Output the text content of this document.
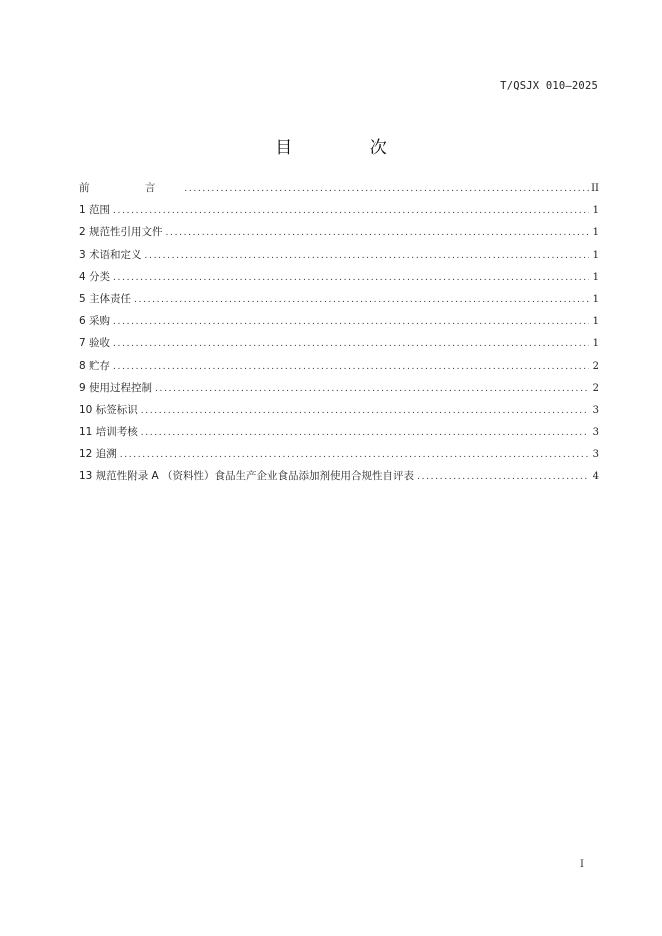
T/QSJX 010—2025
目 次
前 言 . . .	II
1 范围 . . .	1
2 规范性引用文件 . . .	1
3 术语和定义 . . .	1
4 分类 . . .	1
5 主体责任 . . .	1
6 采购 . . .	1
7 验收 . . .	1
8 贮存 . . .	2
9 使用过程控制 . . .	2
10 标签标识 . . .	3
11 培训考核 . . .	3
12 追溯 . . .	3
13 规范性附录 A （资料性）食品生产企业食品添加剂使用合规性自评表 . . .	4
I
